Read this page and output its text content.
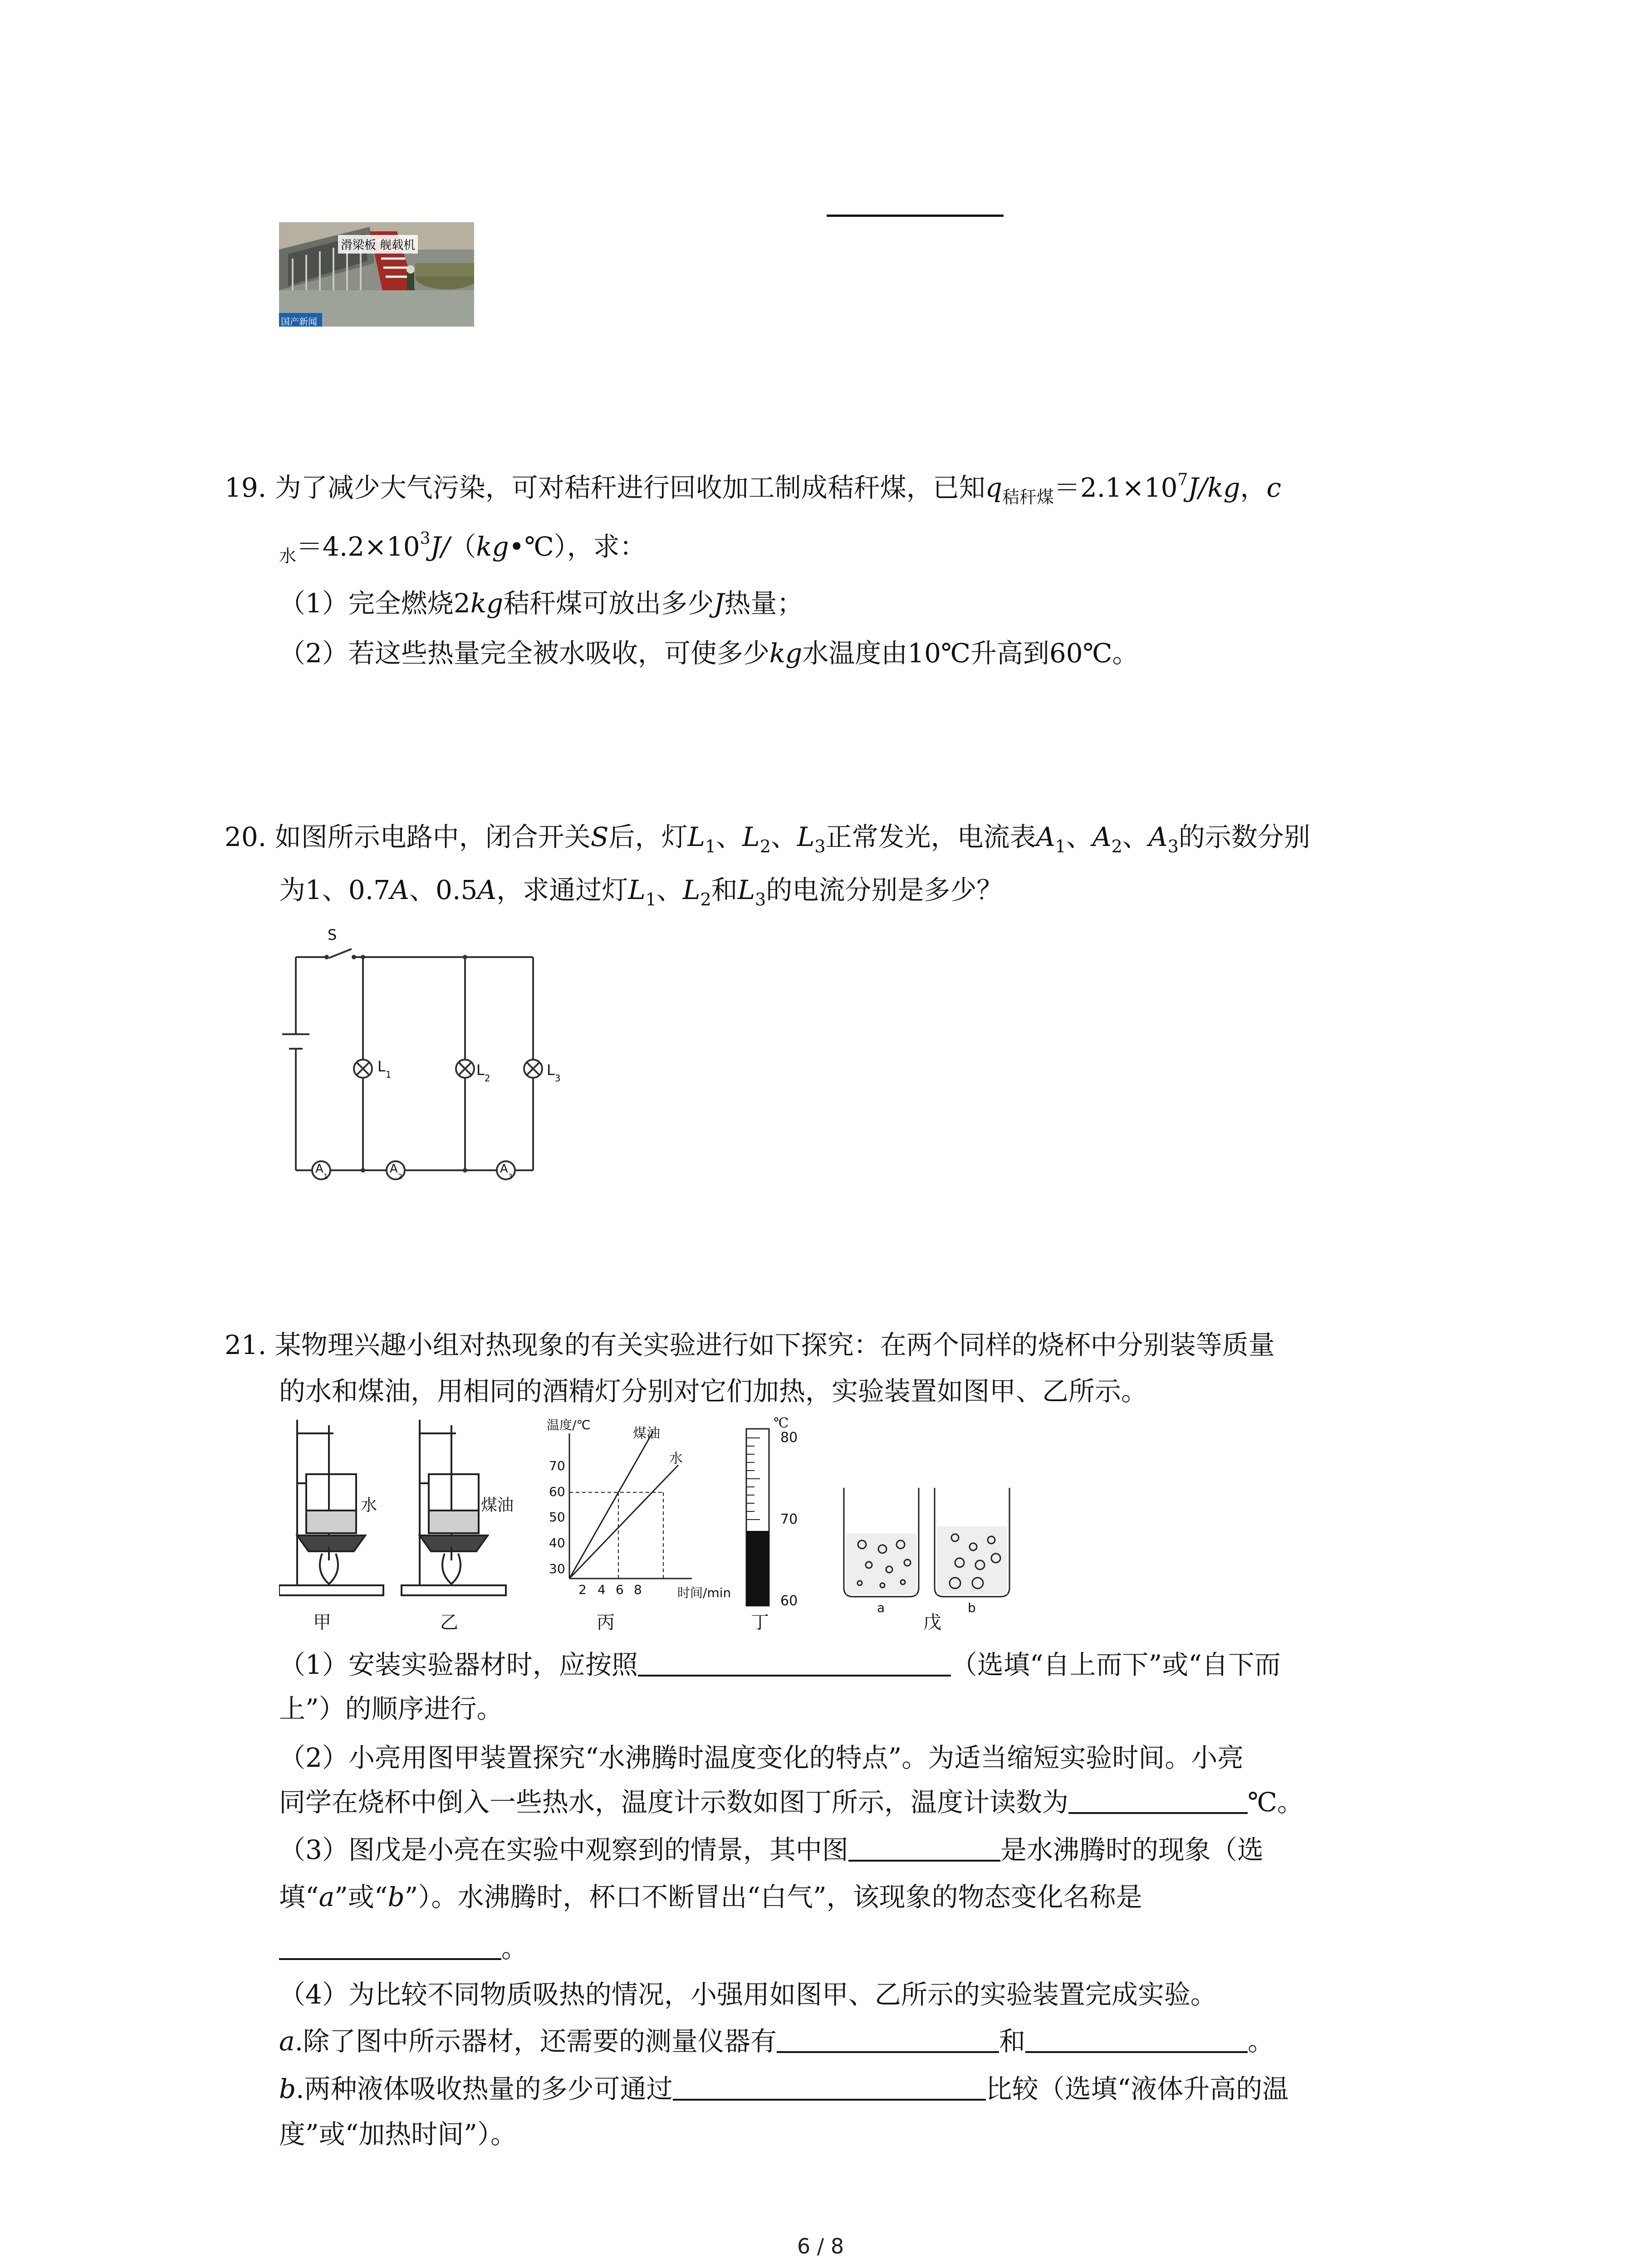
滑梁板 舰载机
国产新闻
19. 为了减少大气污染，可对秸秆进行回收加工制成秸秆煤，已知$q_{秸秆煤}=2.1\times 10^7J/kg$，c
$_水=4.2\times 10^3J/(kg•℃)$，求：
（1）完全燃烧2kg秸秆煤可放出多少J热量；
（2）若这些热量完全被水吸收，可使多少kg水温度由10℃升高到60℃。
20. 如图所示电路中，闭合开关S后，灯$L_1$、$L_2$、$L_3$正常发光，电流表$A_1$、$A_2$、$A_3$的示数分别
为1、0.7A、0.5A，求通过灯$L_1$、$L_2$和$L_3$的电流分别是多少？
S
$L_1$	$L_2$	$L_3$
$A_1$
$A_2$
$A_3$
21. 某物理兴趣小组对热现象的有关实验进行如下探究：在两个同样的烧杯中分别装等质量
的水和煤油，用相同的酒精灯分别对它们加热，实验装置如图甲、乙所示。
水	煤油
温度/℃
时间/min
煤油
水
70
60
50
40
30
2 4 6 8
℃
80
70
60	a	b
甲	乙	丙	丁	戊
（1）安装实验器材时，应按照	（选填“自上而下”或“自下而
上”）的顺序进行。
（2）小亮用图甲装置探究“水沸腾时温度变化的特点”。为适当缩短实验时间。小亮
同学在烧杯中倒入一些热水，温度计示数如图丁所示，温度计读数为	℃。
（3）图戊是小亮在实验中观察到的情景，其中图	是水沸腾时的现象（选
填“a”或“b”）。水沸腾时，杯口不断冒出“白气”，该现象的物态变化名称是
。
（4）为比较不同物质吸热的情况，小强用如图甲、乙所示的实验装置完成实验。
a.除了图中所示器材，还需要的测量仪器有	和	。
b.两种液体吸收热量的多少可通过	比较（选填“液体升高的温
度”或“加热时间”）。
6 / 8
